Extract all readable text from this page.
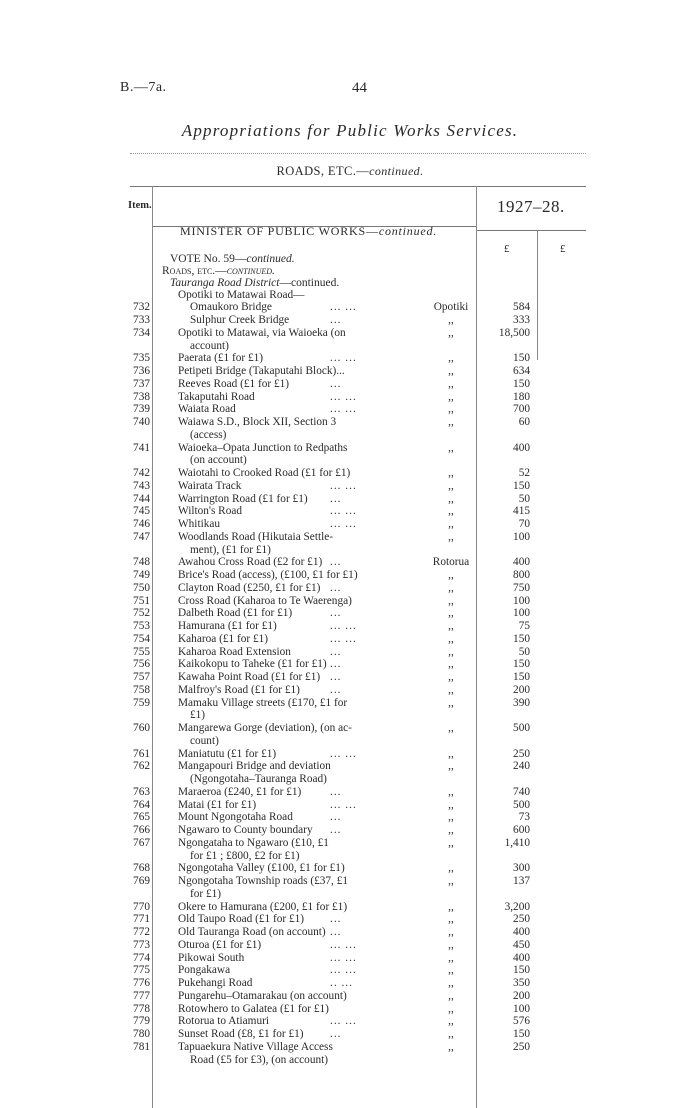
B.—7a.	44
Appropriations for Public Works Services.
ROADS, ETC.—continued.
Item.	1927–28.
MINISTER OF PUBLIC WORKS—continued.
£	£
VOTE No. 59—continued.
Roads, etc.—continued.
Tauranga Road District—continued.
Opotiki to Matawai Road—
732	Omaukoro Bridge	... ...	Opotiki	584
733	Sulphur Creek Bridge	...	,,	333
734 Opotiki to Matawai, via Waioeka (on	,,	18,500
account)
735 Paerata (£1 for £1)	... ...	,,	150
736 Petipeti Bridge (Takaputahi Block)...	,,	634
737 Reeves Road (£1 for £1)	...	,,	150
738 Takaputahi Road	... ...	,,	180
739 Waiata Road	... ...	,,	700
740 Waiawa S.D., Block XII, Section 3	,,	60
(access)
741 Waioeka–Opata Junction to Redpaths	,,	400
(on account)
742 Waiotahi to Crooked Road (£1 for £1)	,,	52
743 Wairata Track	... ...	,,	150
744 Warrington Road (£1 for £1)	...	,,	50
745 Wilton's Road	... ...	,,	415
746 Whitikau	... ...	,,	70
747 Woodlands Road (Hikutaia Settle-	,,	100
ment), (£1 for £1)
748 Awahou Cross Road (£2 for £1) ...	Rotorua	400
749 Brice's Road (access), (£100, £1 for £1)	,,	800
750 Clayton Road (£250, £1 for £1) ...	,,	750
751 Cross Road (Kaharoa to Te Waerenga)	,,	100
752 Dalbeth Road (£1 for £1)	...	,,	100
753 Hamurana (£1 for £1)	... ...	,,	75
754 Kaharoa (£1 for £1)	... ...	,,	150
755 Kaharoa Road Extension	...	,,	50
756 Kaikokopu to Taheke (£1 for £1) ...	,,	150
757 Kawaha Point Road (£1 for £1) ...	,,	150
758 Malfroy's Road (£1 for £1)	...	,,	200
759 Mamaku Village streets (£170, £1 for	,,	390
£1)
760 Mangarewa Gorge (deviation), (on ac-	,,	500
count)
761 Maniatutu (£1 for £1)	... ...	,,	250
762 Mangapouri Bridge and deviation	,,	240
(Ngongotaha–Tauranga Road)
763 Maraeroa (£240, £1 for £1)	...	,,	740
764 Matai (£1 for £1)	... ...	,,	500
765 Mount Ngongotaha Road	...	,,	73
766 Ngawaro to County boundary	...	,,	600
767 Ngongataha to Ngawaro (£10, £1	,,	1,410
for £1 ; £800, £2 for £1)
768 Ngongotaha Valley (£100, £1 for £1)	,,	300
769 Ngongotaha Township roads (£37, £1	,,	137
for £1)
770 Okere to Hamurana (£200, £1 for £1)	,,	3,200
771 Old Taupo Road (£1 for £1)	...	,,	250
772 Old Tauranga Road (on account) ...	,,	400
773 Oturoa (£1 for £1)	... ...	,,	450
774 Pikowai South	... ...	,,	400
775 Pongakawa	... ...	,,	150
776 Pukehangi Road	.. ...	,,	350
777 Pungarehu–Otamarakau (on account)	,,	200
778 Rotowhero to Galatea (£1 for £1)	,,	100
779 Rotorua to Atiamuri	... ...	,,	576
780 Sunset Road (£8, £1 for £1)	...	,,	150
781 Tapuaekura Native Village Access	,,	250
Road (£5 for £3), (on account)
